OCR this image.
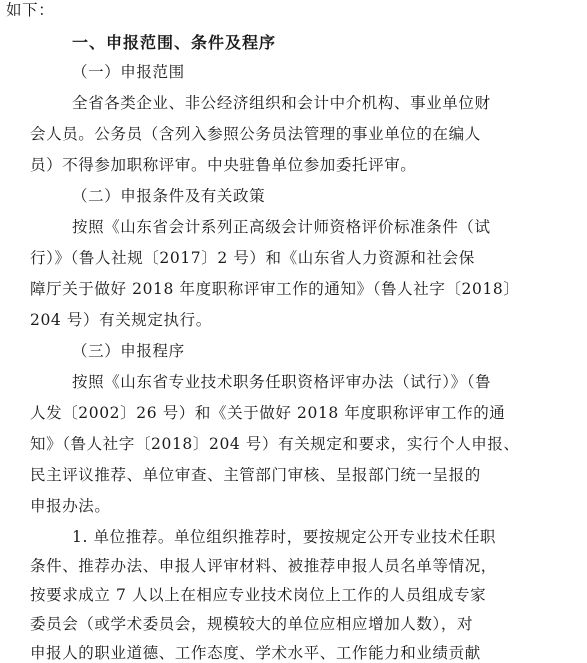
如下：
一、申报范围、条件及程序
（一）申报范围
全省各类企业、非公经济组织和会计中介机构、事业单位财
会人员。公务员（含列入参照公务员法管理的事业单位的在编人
员）不得参加职称评审。中央驻鲁单位参加委托评审。
（二）申报条件及有关政策
按照《山东省会计系列正高级会计师资格评价标准条件（试
行）》（鲁人社规〔2017〕2 号）和《山东省人力资源和社会保
障厅关于做好 2018 年度职称评审工作的通知》（鲁人社字〔2018〕
204 号）有关规定执行。
（三）申报程序
按照《山东省专业技术职务任职资格评审办法（试行）》（鲁
人发〔2002〕26 号）和《关于做好 2018 年度职称评审工作的通
知》（鲁人社字〔2018〕204 号）有关规定和要求，实行个人申报、
民主评议推荐、单位审查、主管部门审核、呈报部门统一呈报的
申报办法。
1. 单位推荐。单位组织推荐时，要按规定公开专业技术任职
条件、推荐办法、申报人评审材料、被推荐申报人员名单等情况，
按要求成立 7 人以上在相应专业技术岗位上工作的人员组成专家
委员会（或学术委员会，规模较大的单位应相应增加人数），对
申报人的职业道德、工作态度、学术水平、工作能力和业绩贡献
